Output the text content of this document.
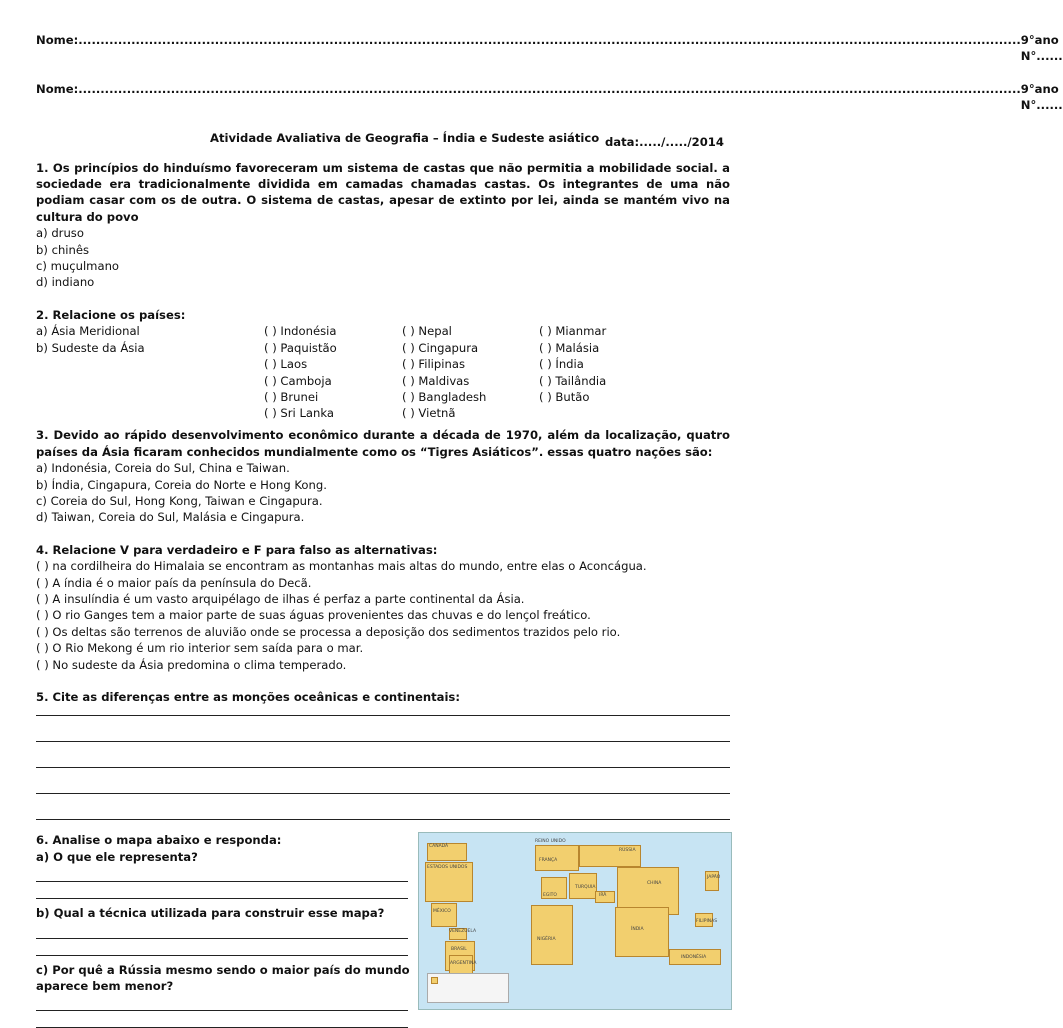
Nome: ...................................................................................................................................................................................................................... 9°ano N°......
Nome: ...................................................................................................................................................................................................................... 9°ano N°......
Atividade Avaliativa de Geografia – Índia e Sudeste asiático data:...../...../2014
1. Os princípios do hinduísmo favoreceram um sistema de castas que não permitia a mobilidade social. a sociedade era tradicionalmente dividida em camadas chamadas castas. Os integrantes de uma não podiam casar com os de outra. O sistema de castas, apesar de extinto por lei, ainda se mantém vivo na cultura do povo
a) druso
b) chinês
c) muçulmano
d) indiano
2. Relacione os países:
a) Ásia Meridional
b) Sudeste da Ásia
( ) Indonésia
( ) Paquistão
( ) Laos
( ) Camboja
( ) Brunei
( ) Sri Lanka
( ) Nepal
( ) Cingapura
( ) Filipinas
( ) Maldivas
( ) Bangladesh
( ) Vietnã
( ) Mianmar
( ) Malásia
( ) Índia
( ) Tailândia
( ) Butão
3. Devido ao rápido desenvolvimento econômico durante a década de 1970, além da localização, quatro países da Ásia ficaram conhecidos mundialmente como os “Tigres Asiáticos”. essas quatro nações são:
a) Indonésia, Coreia do Sul, China e Taiwan.
b) Índia, Cingapura, Coreia do Norte e Hong Kong.
c) Coreia do Sul, Hong Kong, Taiwan e Cingapura.
d) Taiwan, Coreia do Sul, Malásia e Cingapura.
4. Relacione V para verdadeiro e F para falso as alternativas:
( ) na cordilheira do Himalaia se encontram as montanhas mais altas do mundo, entre elas o Aconcágua.
( ) A índia é o maior país da península do Decã.
( ) A insulíndia é um vasto arquipélago de ilhas é perfaz a parte continental da Ásia.
( ) O rio Ganges tem a maior parte de suas águas provenientes das chuvas e do lençol freático.
( ) Os deltas são terrenos de aluvião onde se processa a deposição dos sedimentos trazidos pelo rio.
( ) O Rio Mekong é um rio interior sem saída para o mar.
( ) No sudeste da Ásia predomina o clima temperado.
5. Cite as diferenças entre as monções oceânicas e continentais:
6. Analise o mapa abaixo e responda:
a) O que ele representa?
b) Qual a técnica utilizada para construir esse mapa?
c) Por quê a Rússia mesmo sendo o maior país do mundo aparece bem menor?
CANADÁ
ESTADOS UNIDOS
MÉXICO
VENEZUELA
BRASIL
ARGENTINA
REINO UNIDO
FRANÇA
RÚSSIA
TURQUIA
EGITO	IRÃ
CHINA
ÍNDIA
NIGÉRIA
JAPÃO
FILIPINAS
INDONÉSIA
